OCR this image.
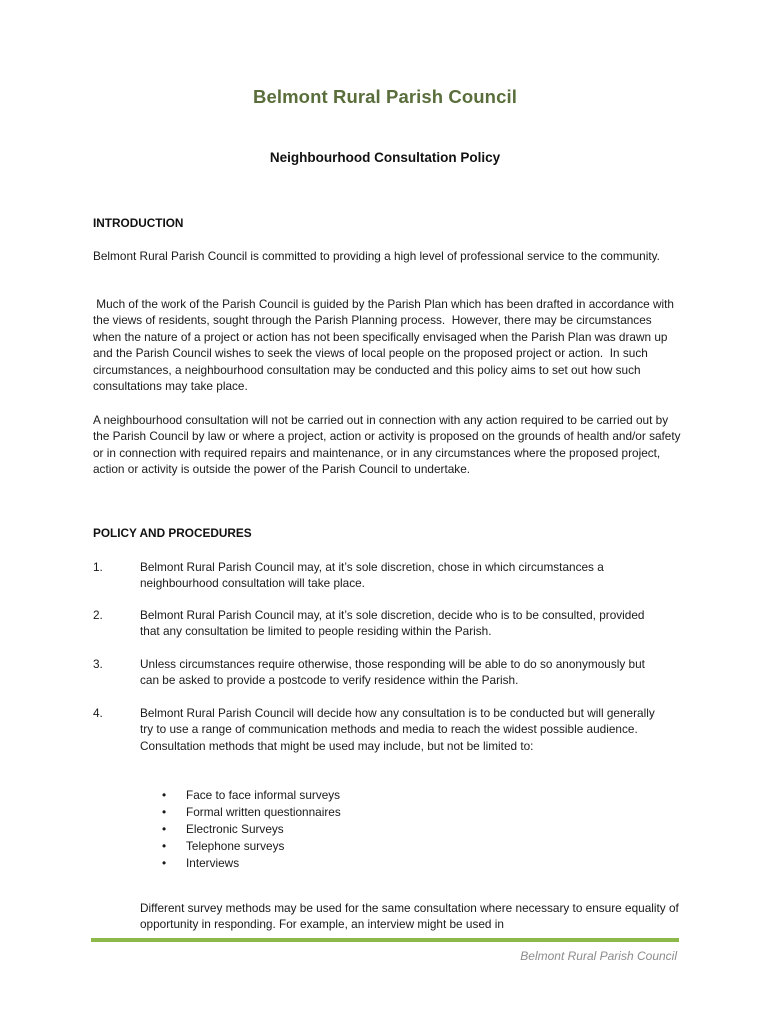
Belmont Rural Parish Council
Neighbourhood Consultation Policy
INTRODUCTION

Belmont Rural Parish Council is committed to providing a high level of professional service to the community.

Much of the work of the Parish Council is guided by the Parish Plan which has been drafted in accordance with the views of residents, sought through the Parish Planning process.  However, there may be circumstances when the nature of a project or action has not been specifically envisaged when the Parish Plan was drawn up and the Parish Council wishes to seek the views of local people on the proposed project or action.  In such circumstances, a neighbourhood consultation may be conducted and this policy aims to set out how such consultations may take place.

A neighbourhood consultation will not be carried out in connection with any action required to be carried out by the Parish Council by law or where a project, action or activity is proposed on the grounds of health and/or safety or in connection with required repairs and maintenance, or in any circumstances where the proposed project, action or activity is outside the power of the Parish Council to undertake.

POLICY AND PROCEDURES
1.	Belmont Rural Parish Council may, at it’s sole discretion, chose in which circumstances a neighbourhood consultation will take place.
2.	Belmont Rural Parish Council may, at it’s sole discretion, decide who is to be consulted, provided that any consultation be limited to people residing within the Parish.
3.	Unless circumstances require otherwise, those responding will be able to do so anonymously but can be asked to provide a postcode to verify residence within the Parish.
4.	Belmont Rural Parish Council will decide how any consultation is to be conducted but will generally try to use a range of communication methods and media to reach the widest possible audience. Consultation methods that might be used may include, but not be limited to:
• Face to face informal surveys
• Formal written questionnaires
• Electronic Surveys
• Telephone surveys
• Interviews

Different survey methods may be used for the same consultation where necessary to ensure equality of opportunity in responding. For example, an interview might be used in

Belmont Rural Parish Council
